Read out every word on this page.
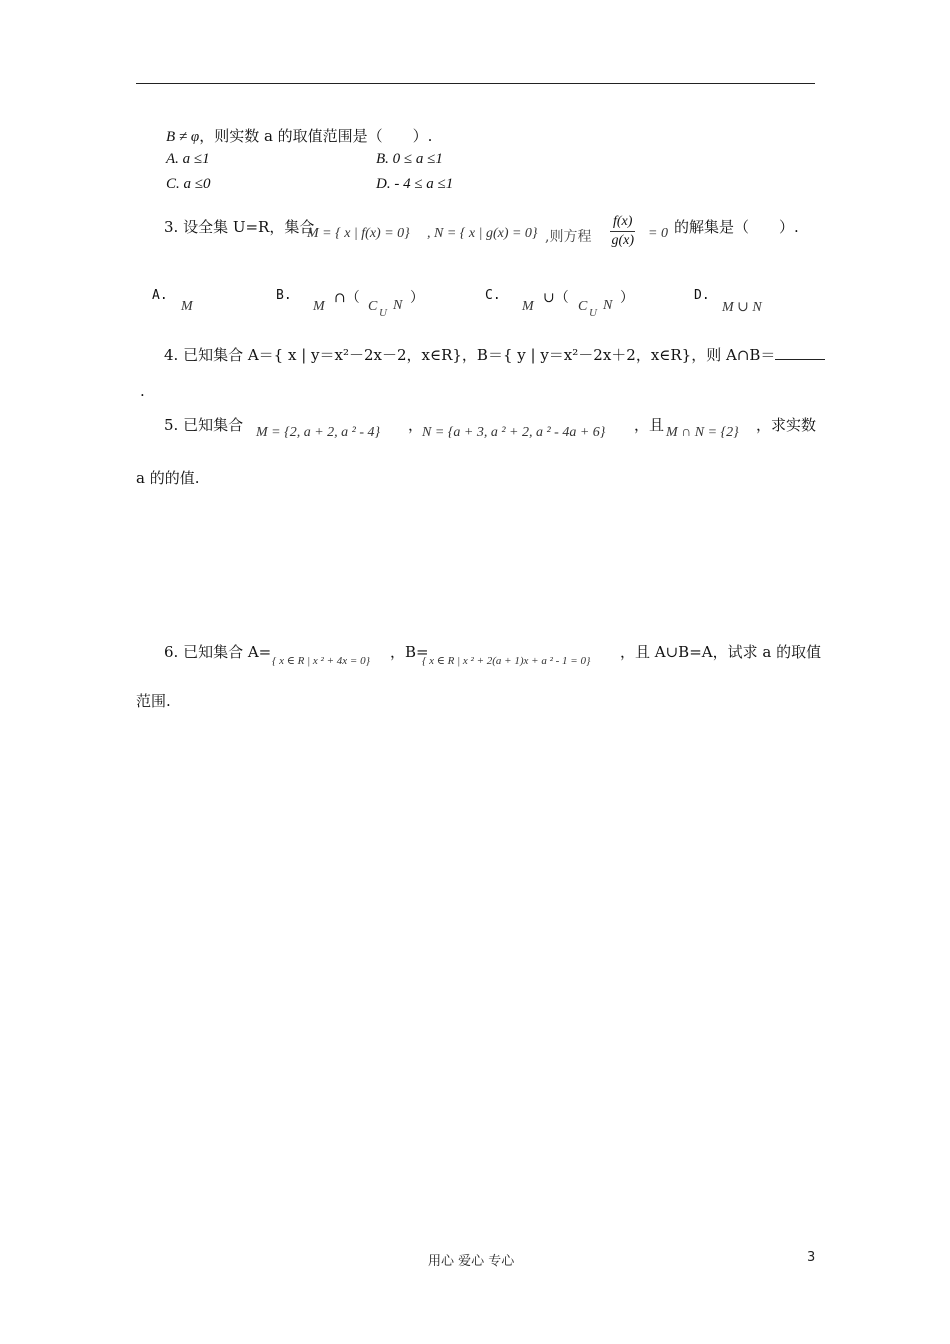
B ≠ φ，则实数 a 的取值范围是（　　）.
A. a ≤1	B. 0 ≤ a ≤1
C. a ≤0	D. - 4 ≤ a ≤1
3. 设全集 U=R，集合
M = { x | f(x) = 0} , N = { x | g(x) = 0} ,则方程 $\frac{f(x)}{g(x)} = 0$ 的解集是（　　）.
A.
M
B.	∩（
M	C U N ）	C.	∪（
M	C U N ）	D.
M ∪ N
4. 已知集合 A＝{ x | y＝x²－2x－2，x∈R}，B＝{ y | y＝x²－2x＋2，x∈R}，则 A∩B＝
.
5. 已知集合 M = {2, a + 2, a ² - 4} ，
N = {a + 3, a ² + 2, a ² - 4a + 6} ，且 M ∩ N = {2} ，求实数
a 的的值.
6. 已知集合 A= { x ∈ R | x ² + 4x = 0} ，B=
{ x ∈ R | x ² + 2(a + 1)x + a ² - 1 = 0} ，且 A∪B=A，试求 a 的取值
范围.
用心 爱心 专心	3
